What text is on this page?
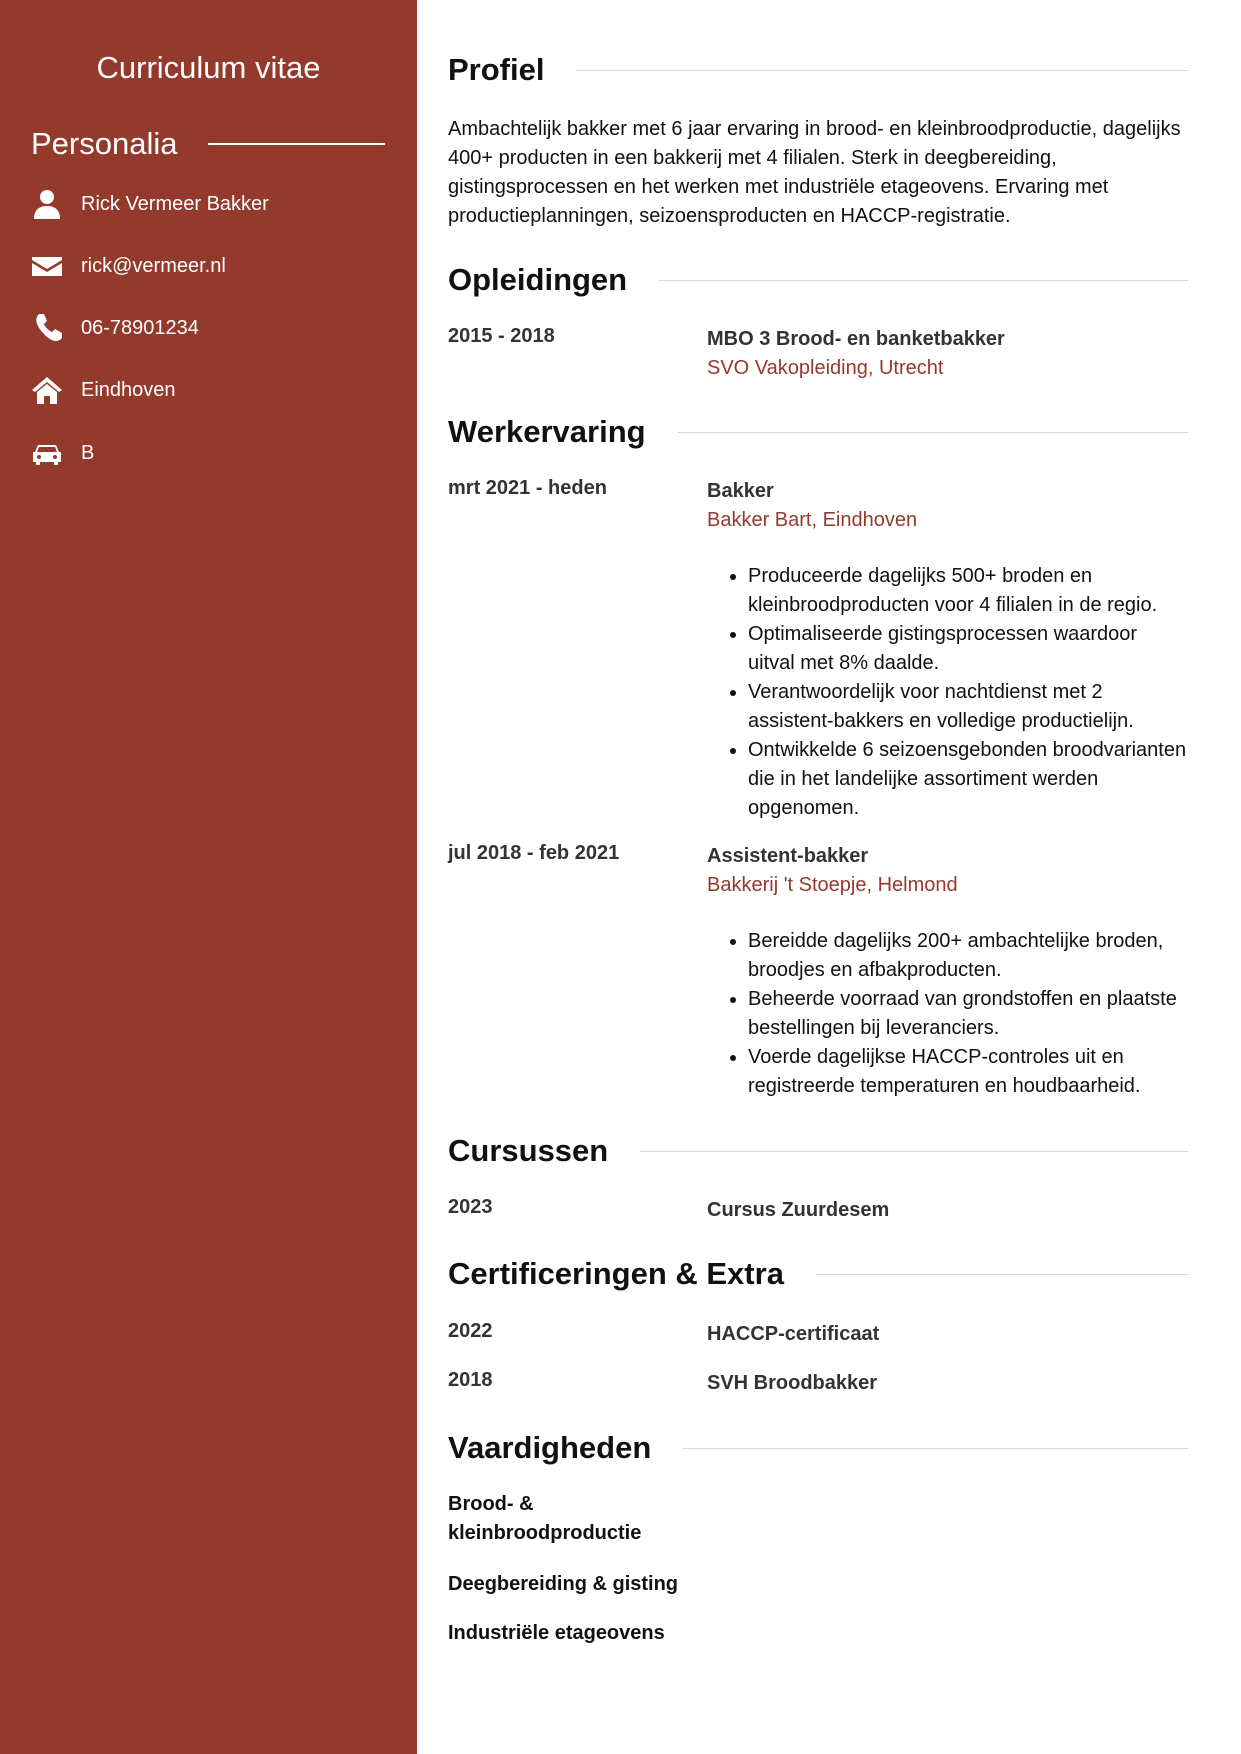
Curriculum vitae
Personalia
Rick Vermeer Bakker
rick@vermeer.nl
06-78901234
Eindhoven
B
Profiel
Ambachtelijk bakker met 6 jaar ervaring in brood- en kleinbroodproductie, dagelijks 400+ producten in een bakkerij met 4 filialen. Sterk in deegbereiding, gistingsprocessen en het werken met industriële etageovens. Ervaring met productieplanningen, seizoensproducten en HACCP-registratie.
Opleidingen
2015 - 2018	MBO 3 Brood- en banketbakker
SVO Vakopleiding, Utrecht
Werkervaring
mrt 2021 - heden	Bakker
Bakker Bart, Eindhoven
• Produceerde dagelijks 500+ broden en kleinbroodproducten voor 4 filialen in de regio.
• Optimaliseerde gistingsprocessen waardoor uitval met 8% daalde.
• Verantwoordelijk voor nachtdienst met 2 assistent-bakkers en volledige productielijn.
• Ontwikkelde 6 seizoensgebonden broodvarianten die in het landelijke assortiment werden opgenomen.
jul 2018 - feb 2021	Assistent-bakker
Bakkerij 't Stoepje, Helmond
• Bereidde dagelijks 200+ ambachtelijke broden, broodjes en afbakproducten.
• Beheerde voorraad van grondstoffen en plaatste bestellingen bij leveranciers.
• Voerde dagelijkse HACCP-controles uit en registreerde temperaturen en houdbaarheid.
Cursussen
2023	Cursus Zuurdesem
Certificeringen & Extra
2022	HACCP-certificaat
2018	SVH Broodbakker
Vaardigheden
Brood- & kleinbroodproductie
Deegbereiding & gisting
Industriële etageovens
